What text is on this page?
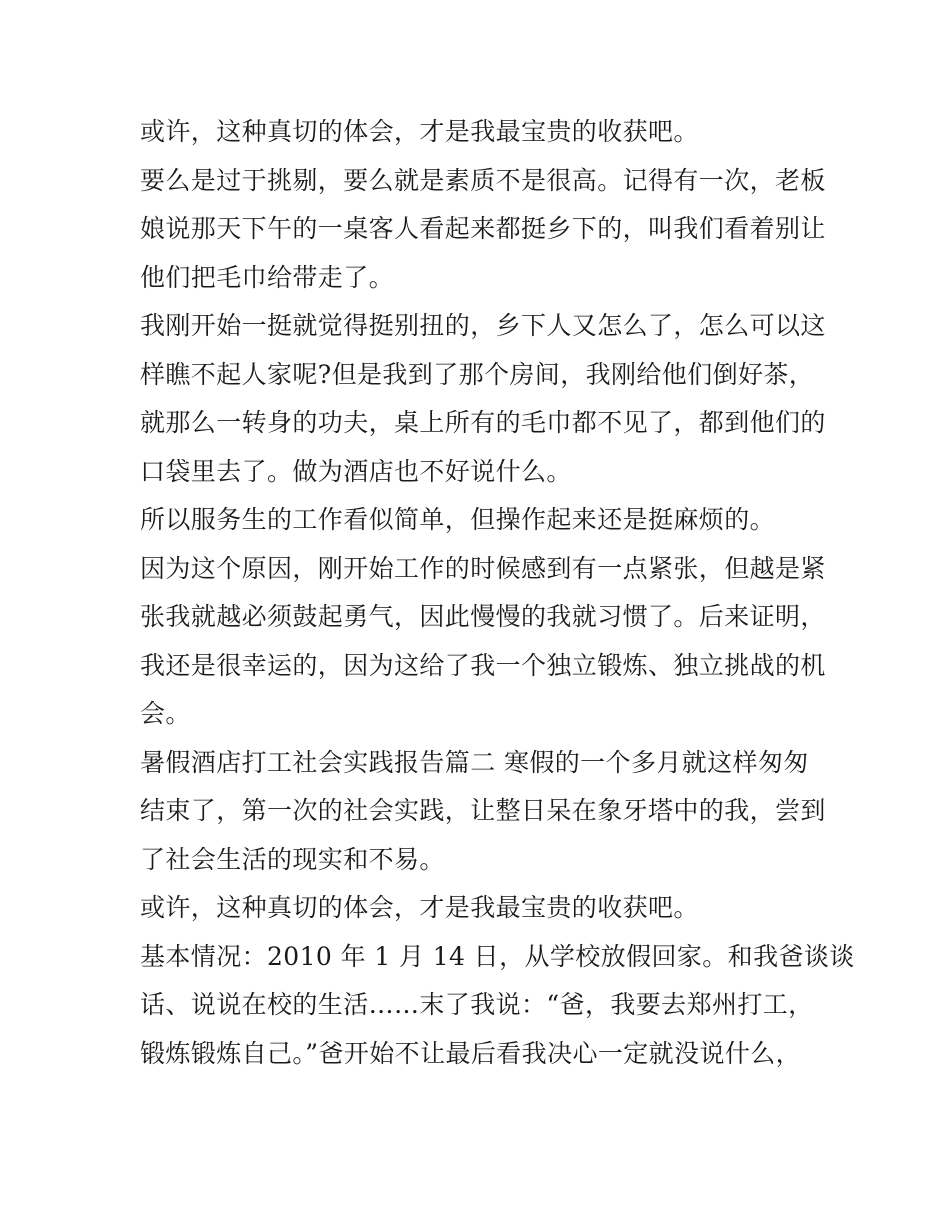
或许，这种真切的体会，才是我最宝贵的收获吧。
要么是过于挑剔，要么就是素质不是很高。记得有一次，老板
娘说那天下午的一桌客人看起来都挺乡下的，叫我们看着别让
他们把毛巾给带走了。
我刚开始一挺就觉得挺别扭的，乡下人又怎么了，怎么可以这
样瞧不起人家呢?但是我到了那个房间，我刚给他们倒好茶，
就那么一转身的功夫，桌上所有的毛巾都不见了，都到他们的
口袋里去了。做为酒店也不好说什么。
所以服务生的工作看似简单，但操作起来还是挺麻烦的。
因为这个原因，刚开始工作的时候感到有一点紧张，但越是紧
张我就越必须鼓起勇气，因此慢慢的我就习惯了。后来证明，
我还是很幸运的，因为这给了我一个独立锻炼、独立挑战的机
会。
暑假酒店打工社会实践报告篇二 寒假的一个多月就这样匆匆
结束了，第一次的社会实践，让整日呆在象牙塔中的我，尝到
了社会生活的现实和不易。
或许，这种真切的体会，才是我最宝贵的收获吧。
基本情况：2010 年 1 月 14 日，从学校放假回家。和我爸谈谈
话、说说在校的生活……末了我说：“爸，我要去郑州打工，
锻炼锻炼自己。”爸开始不让最后看我决心一定就没说什么，
